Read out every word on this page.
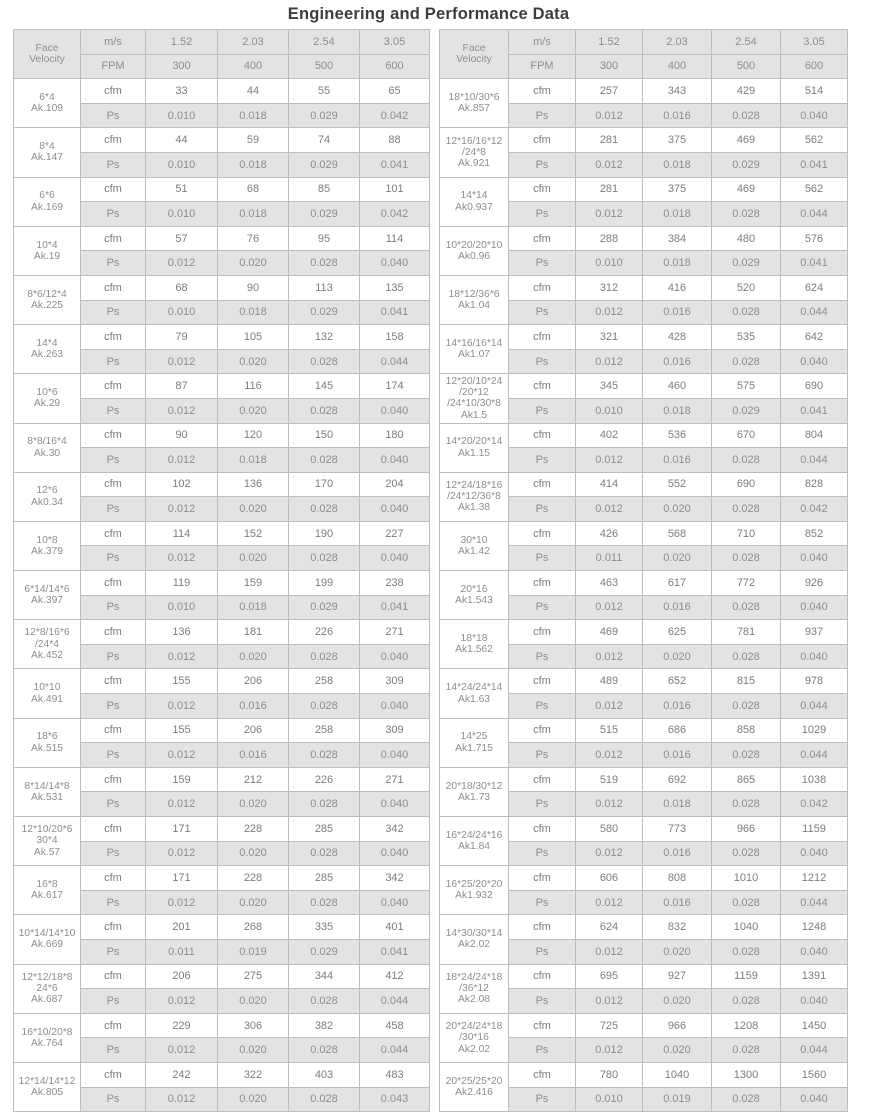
Engineering and Performance Data
Face
Velocity	m/s	1.52	2.03	2.54	3.05
	FPM	300	400	500	600

6*4
Ak.109	cfm	33	44	55	65
	Ps	0.010	0.018	0.029	0.042

8*4
Ak.147	cfm	44	59	74	88
	Ps	0.010	0.018	0.029	0.041

6*6
Ak.169	cfm	51	68	85	101
	Ps	0.010	0.018	0.029	0.042

10*4
Ak.19	cfm	57	76	95	114
	Ps	0.012	0.020	0.028	0.040

8*6/12*4
Ak.225	cfm	68	90	113	135
	Ps	0.010	0.018	0.029	0.041

14*4
Ak.263	cfm	79	105	132	158
	Ps	0.012	0.020	0.028	0.044

10*6
Ak.29	cfm	87	116	145	174
	Ps	0.012	0.020	0.028	0.040

8*8/16*4
Ak.30	cfm	90	120	150	180
	Ps	0.012	0.018	0.028	0.040

12*6
Ak0.34	cfm	102	136	170	204
	Ps	0.012	0.020	0.028	0.040

10*8
Ak.379	cfm	114	152	190	227
	Ps	0.012	0.020	0.028	0.040

6*14/14*6
Ak.397	cfm	119	159	199	238
	Ps	0.010	0.018	0.029	0.041

12*8/16*6
/24*4
Ak.452	cfm	136	181	226	271
	Ps	0.012	0.020	0.028	0.040

10*10
Ak.491	cfm	155	206	258	309
	Ps	0.012	0.016	0.028	0.040

18*6
Ak.515	cfm	155	206	258	309
	Ps	0.012	0.016	0.028	0.040

8*14/14*8
Ak.531	cfm	159	212	226	271
	Ps	0.012	0.020	0.028	0.040

12*10/20*6
30*4
Ak.57	cfm	171	228	285	342
	Ps	0.012	0.020	0.028	0.040

16*8
Ak.617	cfm	171	228	285	342
	Ps	0.012	0.020	0.028	0.040

10*14/14*10
Ak.669	cfm	201	268	335	401
	Ps	0.011	0.019	0.029	0.041

12*12/18*8
24*6
Ak.687	cfm	206	275	344	412
	Ps	0.012	0.020	0.028	0.044

16*10/20*8
Ak.764	cfm	229	306	382	458
	Ps	0.012	0.020	0.028	0.044

12*14/14*12
Ak.805	cfm	242	322	403	483
	Ps	0.012	0.020	0.028	0.043
Face
Velocity	m/s	1.52	2.03	2.54	3.05
	FPM	300	400	500	600

18*10/30*6
Ak.857	cfm	257	343	429	514
	Ps	0.012	0.016	0.028	0.040

12*16/16*12
/24*8
Ak.921	cfm	281	375	469	562
	Ps	0.012	0.018	0.029	0.041

14*14
Ak0.937	cfm	281	375	469	562
	Ps	0.012	0.018	0.028	0.044

10*20/20*10
Ak0.96	cfm	288	384	480	576
	Ps	0.010	0.018	0.029	0.041

18*12/36*6
Ak1.04	cfm	312	416	520	624
	Ps	0.012	0.016	0.028	0.044

14*16/16*14
Ak1.07	cfm	321	428	535	642
	Ps	0.012	0.016	0.028	0.040

12*20/10*24
/20*12
/24*10/30*8
Ak1.5	cfm	345	460	575	690
	Ps	0.010	0.018	0.029	0.041

14*20/20*14
Ak1.15	cfm	402	536	670	804
	Ps	0.012	0.016	0.028	0.044

12*24/18*16
/24*12/36*8
Ak1.38	cfm	414	552	690	828
	Ps	0.012	0.020	0.028	0.042

30*10
Ak1.42	cfm	426	568	710	852
	Ps	0.011	0.020	0.028	0.040

20*16
Ak1.543	cfm	463	617	772	926
	Ps	0.012	0.016	0.028	0.040

18*18
Ak1.562	cfm	469	625	781	937
	Ps	0.012	0.020	0.028	0.040

14*24/24*14
Ak1.63	cfm	489	652	815	978
	Ps	0.012	0.016	0.028	0.044

14*25
Ak1.715	cfm	515	686	858	1029
	Ps	0.012	0.016	0.028	0.044

20*18/30*12
Ak1.73	cfm	519	692	865	1038
	Ps	0.012	0.018	0.028	0.042

16*24/24*16
Ak1.84	cfm	580	773	966	1159
	Ps	0.012	0.016	0.028	0.040

16*25/20*20
Ak1.932	cfm	606	808	1010	1212
	Ps	0.012	0.016	0.028	0.044

14*30/30*14
Ak2.02	cfm	624	832	1040	1248
	Ps	0.012	0.020	0.028	0.040

18*24/24*18
/36*12
Ak2.08	cfm	695	927	1159	1391
	Ps	0.012	0.020	0.028	0.040

20*24/24*18
/30*16
Ak2.02	cfm	725	966	1208	1450
	Ps	0.012	0.020	0.028	0.044

20*25/25*20
Ak2.416	cfm	780	1040	1300	1560
	Ps	0.010	0.019	0.028	0.040
